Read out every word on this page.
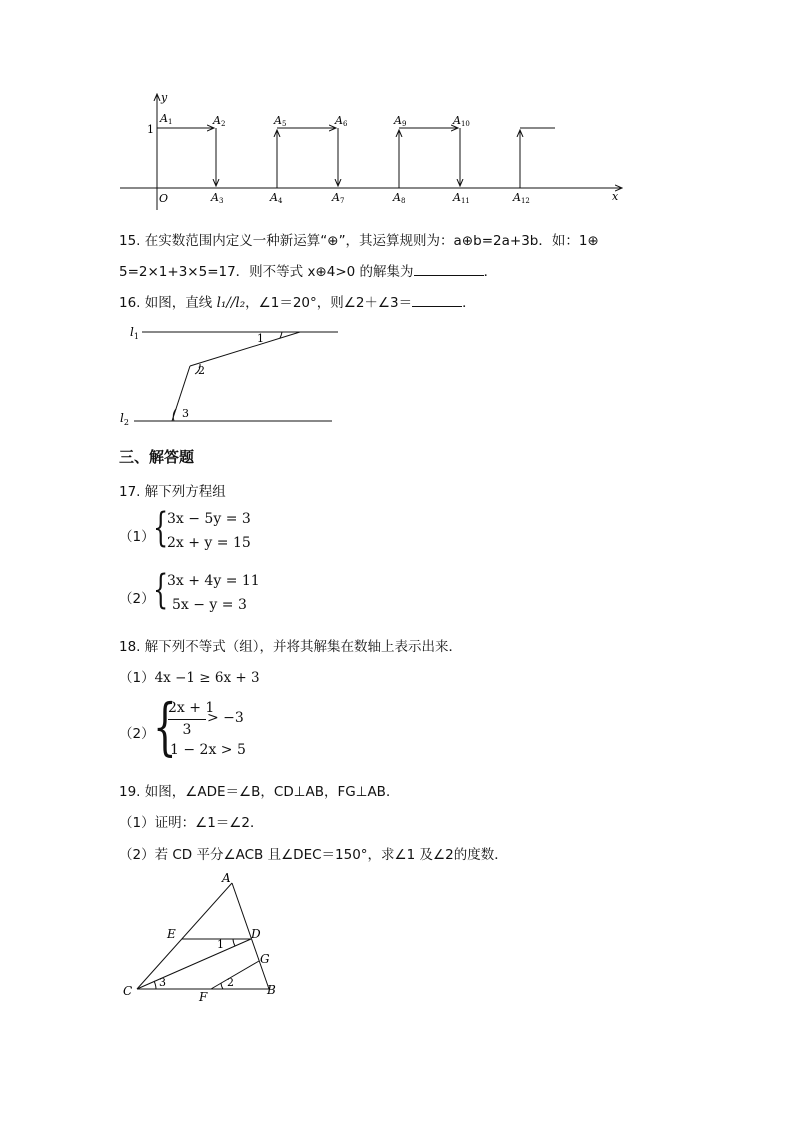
y
x
O
1
A1	A2	A5	A6	A9	A10
A3	A4	A7	A8	A11	A12
15. 在实数范围内定义一种新运算“⊕”，其运算规则为：a⊕b=2a+3b．如：1⊕
5=2×1+3×5=17．则不等式 x⊕4>0 的解集为	．
16. 如图，直线 l₁//l₂，∠1＝20°，则∠2＋∠3＝	．
$l_1$
$l_2$
1
2
3
三、解答题
17. 解下列方程组
（1）
{
3x − 5y = 3
2x + y = 15
（2）
{
3x + 4y = 11
5x − y = 3
18. 解下列不等式（组），并将其解集在数轴上表示出来．
（1）4x −1 ≥ 6x + 3
（2）
{
2x + 1
3
> −3
1 − 2x > 5
19. 如图，∠ADE＝∠B，CD⊥AB，FG⊥AB．
（1）证明：∠1＝∠2．
（2）若 CD 平分∠ACB 且∠DEC＝150°，求∠1 及∠2的度数．
A
E	D
G
C	F	B
1
3	2
